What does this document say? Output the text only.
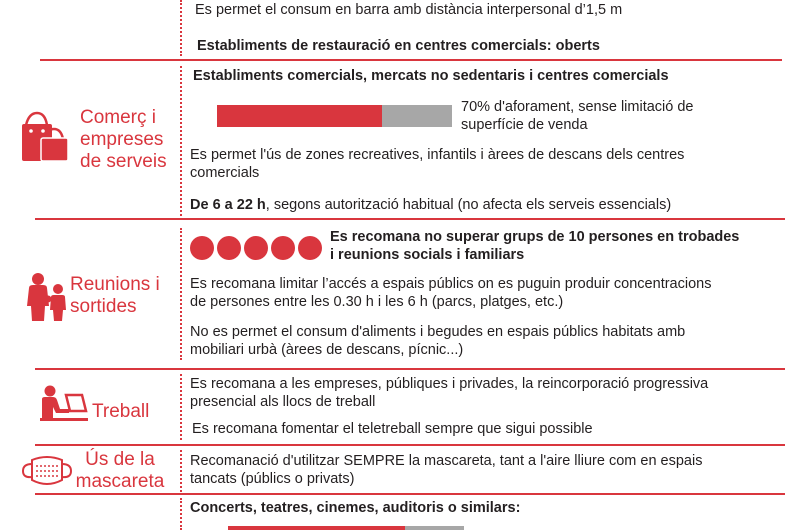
Es permet el consum en barra amb distància interpersonal d’1,5 m
Establiments de restauració en centres comercials: oberts
Comerç i
empreses
de serveis
Establiments comercials, mercats no sedentaris i centres comercials
70% d'aforament, sense limitació de
superfície de venda
Es permet l'ús de zones recreatives, infantils i àrees de descans dels centres
comercials
De 6 a 22 h, segons autorització habitual (no afecta els serveis essencials)
Reunions i
sortides
Es recomana no superar grups de 10 persones en trobades
i reunions socials i familiars
Es recomana limitar l’accés a espais públics on es puguin produir concentracions
de persones entre les 0.30 h i les 6 h (parcs, platges, etc.)
No es permet el consum d'aliments i begudes en espais públics habitats amb
mobiliari urbà (àrees de descans, pícnic...)
Treball
Es recomana a les empreses, públiques i privades, la reincorporació progressiva
presencial als llocs de treball
Es recomana fomentar el teletreball sempre que sigui possible
Ús de la
mascareta
Recomanació d'utilitzar SEMPRE la mascareta, tant a l'aire lliure com en espais
tancats (públics o privats)
Concerts, teatres, cinemes, auditoris o similars:
